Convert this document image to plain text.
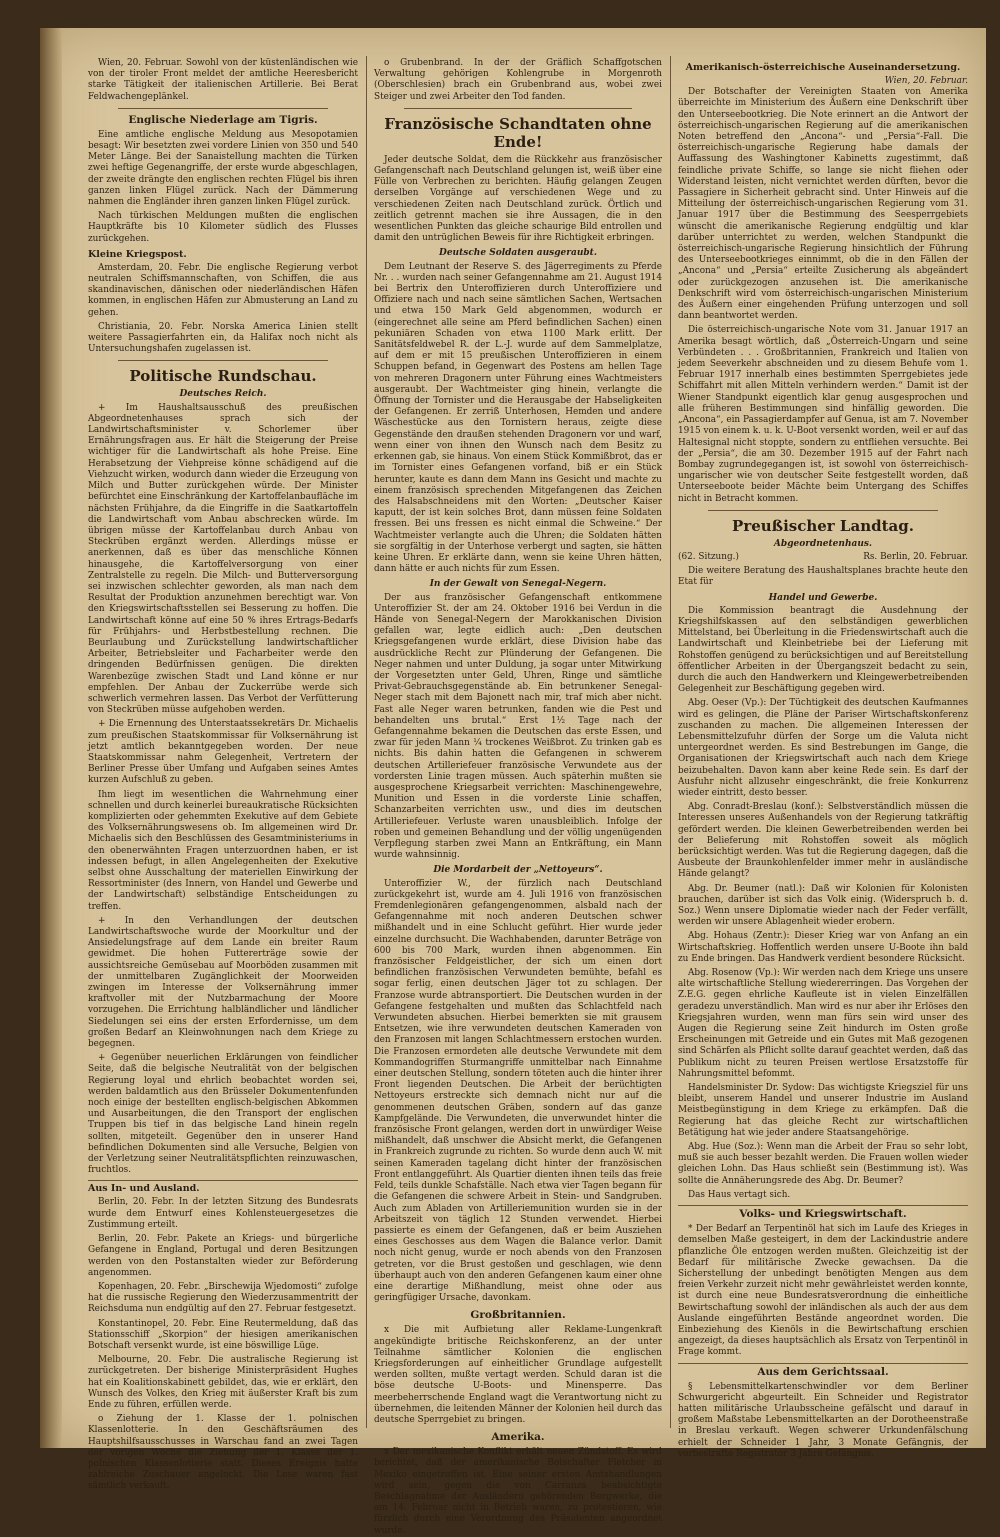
Wien, 20. Februar. Sowohl von der küstenländischen wie von der tiroler Front meldet der amtliche Heeresbericht starke Tätigkeit der italienischen Artillerie. Bei Berat Feldwachengeplänkel.

Englische Niederlage am Tigris.

Eine amtliche englische Meldung aus Mesopotamien besagt: Wir besetzten zwei vordere Linien von 350 und 540 Meter Länge. Bei der Sanaistellung machten die Türken zwei heftige Gegenangriffe, der erste wurde abgeschlagen, der zweite drängte den englischen rechten Flügel bis ihren ganzen linken Flügel zurück. Nach der Dämmerung nahmen die Engländer ihren ganzen linken Flügel zurück.

Nach türkischen Meldungen mußten die englischen Hauptkräfte bis 10 Kilometer südlich des Flusses zurückgehen.

Kleine Kriegspost.

Amsterdam, 20. Febr. Die englische Regierung verbot neutralen Schiffsmannschaften, von Schiffen, die aus skandinavischen, dänischen oder niederländischen Häfen kommen, in englischen Häfen zur Abmusterung an Land zu gehen.

Christiania, 20. Febr. Norska America Linien stellt weitere Passagierfahrten ein, da Halifax noch nicht als Untersuchungshafen zugelassen ist.

Politische Rundschau.
Deutsches Reich.

+ Im Haushaltsausschuß des preußischen Abgeordnetenhauses sprach sich der Landwirtschaftsminister v. Schorlemer über Ernährungsfragen aus. Er hält die Steigerung der Preise wichtiger für die Landwirtschaft als hohe Preise. Eine Herabsetzung der Viehpreise könne schädigend auf die Viehzucht wirken, wodurch dann wieder die Erzeugung von Milch und Butter zurückgehen würde. Der Minister befürchtet eine Einschränkung der Kartoffelanbaufläche im nächsten Frühjahre, da die Eingriffe in die Saatkartoffeln die Landwirtschaft vom Anbau abschrecken würde. Im übrigen müsse der Kartoffelanbau durch Anbau von Steckrüben ergänzt werden. Allerdings müsse er anerkennen, daß es über das menschliche Können hinausgehe, die Kartoffelversorgung von einer Zentralstelle zu regeln. Die Milch- und Butterversorgung sei inzwischen schlechter geworden, als man nach dem Resultat der Produktion anzunehmen berechtigt war. Von den Kriegswirtschaftsstellen sei Besserung zu hoffen. Die Landwirtschaft könne auf eine 50 % ihres Ertrags-Bedarfs für Frühjahrs- und Herbstbestellung rechnen. Die Beurlaubung und Zurückstellung landwirtschaftlicher Arbeiter, Betriebsleiter und Facharbeiter werde den dringenden Bedürfnissen genügen. Die direkten Warenbezüge zwischen Stadt und Land könne er nur empfehlen. Der Anbau der Zuckerrübe werde sich schwerlich vermehren lassen. Das Verbot der Verfütterung von Steckrüben müsse aufgehoben werden.

+ Die Ernennung des Unterstaatssekretärs Dr. Michaelis zum preußischen Staatskommissar für Volksernährung ist jetzt amtlich bekanntgegeben worden. Der neue Staatskommissar nahm Gelegenheit, Vertretern der Berliner Presse über Umfang und Aufgaben seines Amtes kurzen Aufschluß zu geben.

Ihm liegt im wesentlichen die Wahrnehmung einer schnellen und durch keinerlei bureaukratische Rücksichten komplizierten oder gehemmten Exekutive auf dem Gebiete des Volksernährungswesens ob. Im allgemeinen wird Dr. Michaelis sich den Beschlüssen des Gesamtministeriums in den obenerwähnten Fragen unterzuordnen haben, er ist indessen befugt, in allen Angelegenheiten der Exekutive selbst ohne Ausschaltung der materiellen Einwirkung der Ressortminister (des Innern, von Handel und Gewerbe und der Landwirtschaft) selbständige Entscheidungen zu treffen.

+ In den Verhandlungen der deutschen Landwirtschaftswoche wurde der Moorkultur und der Ansiedelungsfrage auf dem Lande ein breiter Raum gewidmet. Die hohen Futtererträge sowie der aussichtsreiche Gemüsebau auf Moorböden zusammen mit der unmittelbaren Zugänglichkeit der Moorweiden zwingen im Interesse der Volksernährung immer kraftvoller mit der Nutzbarmachung der Moore vorzugehen. Die Errichtung halbländlicher und ländlicher Siedelungen sei eins der ersten Erfordernisse, um dem großen Bedarf an Kleinwohnungen nach dem Kriege zu begegnen.

+ Gegenüber neuerlichen Erklärungen von feindlicher Seite, daß die belgische Neutralität von der belgischen Regierung loyal und ehrlich beobachtet worden sei, werden baldamtlich aus den Brüsseler Dokumentenfunden noch einige der bestellten englisch-belgischen Abkommen und Ausarbeitungen, die den Transport der englischen Truppen bis tief in das belgische Land hinein regeln sollten, mitgeteilt. Gegenüber den in unserer Hand befindlichen Dokumenten sind alle Versuche, Belgien von der Verletzung seiner Neutralitätspflichten reinzuwaschen, fruchtlos.

Aus In- und Ausland.

Berlin, 20. Febr. In der letzten Sitzung des Bundesrats wurde dem Entwurf eines Kohlensteuergesetzes die Zustimmung erteilt.

Berlin, 20. Febr. Pakete an Kriegs- und bürgerliche Gefangene in England, Portugal und deren Besitzungen werden von den Postanstalten wieder zur Beförderung angenommen.

Kopenhagen, 20. Febr. „Birschewija Wjedomosti“ zufolge hat die russische Regierung den Wiederzusammentritt der Reichsduma nun endgültig auf den 27. Februar festgesetzt.

Konstantinopel, 20. Febr. Eine Reutermeldung, daß das Stationsschiff „Skorpion“ der hiesigen amerikanischen Botschaft versenkt wurde, ist eine böswillige Lüge.

Melbourne, 20. Febr. Die australische Regierung ist zurückgetreten. Der bisherige Ministerpräsident Hughes hat ein Koalitionskabinett gebildet, das, wie er erklärt, den Wunsch des Volkes, den Krieg mit äußerster Kraft bis zum Ende zu führen, erfüllen werde.

o Ziehung der 1. Klasse der 1. polnischen Klassenlotterie. In den Geschäftsräumen des Hauptshilfsausschusses in Warschau fand an zwei Tagen der vorigen Woche die Ziehung der 1. Klasse der 1. polnischen Klassenlotterie statt. Dieses Ereignis hatte zahlreiche Zuschauer angelockt. Die Lose waren fast sämtlich verkauft.

o Grubenbrand. In der der Gräflich Schaffgotschen Verwaltung gehörigen Kohlengrube in Morgenroth (Oberschlesien) brach ein Grubenbrand aus, wobei zwei Steiger und zwei Arbeiter den Tod fanden.

Französische Schandtaten ohne Ende!

Jeder deutsche Soldat, dem die Rückkehr aus französischer Gefangenschaft nach Deutschland gelungen ist, weiß über eine Fülle von Verbrechen zu berichten. Häufig gelangen Zeugen derselben Vorgänge auf verschiedenen Wege und zu verschiedenen Zeiten nach Deutschland zurück. Örtlich und zeitlich getrennt machen sie ihre Aussagen, die in den wesentlichen Punkten das gleiche schaurige Bild entrollen und damit den untrüglichen Beweis für ihre Richtigkeit erbringen.

Deutsche Soldaten ausgeraubt.

Dem Leutnant der Reserve S. des Jägerregiments zu Pferde Nr. . . wurden nach seiner Gefangennahme am 21. August 1914 bei Bertrix den Unteroffizieren durch Unteroffiziere und Offiziere nach und nach seine sämtlichen Sachen, Wertsachen und etwa 150 Mark Geld abgenommen, wodurch er (eingerechnet alle seine am Pferd befindlichen Sachen) einen pekuniären Schaden von etwa 1100 Mark erlitt. Der Sanitätsfeldwebel R. der L.-J. wurde auf dem Sammelplatze, auf dem er mit 15 preußischen Unteroffizieren in einem Schuppen befand, in Gegenwart des Postens am hellen Tage von mehreren Dragonern unter Führung eines Wachtmeisters ausgeraubt. Der Wachtmeister ging hinein, verlangte die Öffnung der Tornister und die Herausgabe der Habseligkeiten der Gefangenen. Er zerriß Unterhosen, Hemden und andere Wäschestücke aus den Tornistern heraus, zeigte diese Gegenstände den draußen stehenden Dragonern vor und warf, wenn einer von ihnen den Wunsch nach dem Besitz zu erkennen gab, sie hinaus. Von einem Stück Kommißbrot, das er im Tornister eines Gefangenen vorfand, biß er ein Stück herunter, kaute es dann dem Mann ins Gesicht und machte zu einem französisch sprechenden Mitgefangenen das Zeichen des Halsabschneidens mit den Worten: „Deutscher Kaiser kaputt, der ist kein solches Brot, dann müssen feine Soldaten fressen. Bei uns fressen es nicht einmal die Schweine.“ Der Wachtmeister verlangte auch die Uhren; die Soldaten hätten sie sorgfältig in der Unterhose verbergt und sagten, sie hätten keine Uhren. Er erklärte dann, wenn sie keine Uhren hätten, dann hätte er auch nichts für zum Essen.

In der Gewalt von Senegal-Negern.

Der aus französischer Gefangenschaft entkommene Unteroffizier St. der am 24. Oktober 1916 bei Verdun in die Hände von Senegal-Negern der Marokkanischen Division gefallen war, legte eidlich auch: „Den deutschen Kriegsgefangenen wurde erklärt, diese Division habe das ausdrückliche Recht zur Plünderung der Gefangenen. Die Neger nahmen und unter Duldung, ja sogar unter Mitwirkung der Vorgesetzten unter Geld, Uhren, Ringe und sämtliche Privat-Gebrauchsgegenstände ab. Ein betrunkener Senegal-Neger stach mit dem Bajonett nach mir, traf mich aber nicht. Fast alle Neger waren betrunken, fanden wie die Pest und behandelten uns brutal.“ Erst 1½ Tage nach der Gefangennahme bekamen die Deutschen das erste Essen, und zwar für jeden Mann ¼ trockenes Weißbrot. Zu trinken gab es nichts. Bis dahin hatten die Gefangenen in schwerem deutschen Artilleriefeuer französische Verwundete aus der vordersten Linie tragen müssen. Auch späterhin mußten sie ausgesprochene Kriegsarbeit verrichten: Maschinengewehre, Munition und Essen in die vorderste Linie schaffen, Schanzarbeiten verrichten usw., und dies im deutschen Artilleriefeuer. Verluste waren unausbleiblich. Infolge der roben und gemeinen Behandlung und der völlig ungenügenden Verpflegung starben zwei Mann an Entkräftung, ein Mann wurde wahnsinnig.

Die Mordarbeit der „Nettoyeurs“.

Unteroffizier W., der fürzlich nach Deutschland zurückgekehrt ist, wurde am 4. Juli 1916 von französischen Fremdenlegionären gefangengenommen, alsbald nach der Gefangennahme mit noch anderen Deutschen schwer mißhandelt und in eine Schlucht geführt. Hier wurde jeder einzelne durchsucht. Die Wachhabenden, darunter Beträge von 600 bis 700 Mark, wurden ihnen abgenommen. Ein französischer Feldgeistlicher, der sich um einen dort befindlichen französischen Verwundeten bemühte, befahl es sogar ferlig, einen deutschen Jäger tot zu schlagen. Der Franzose wurde abtransportiert. Die Deutschen wurden in der Gefangene festgehalten und mußten das Schlachtfeld nach Verwundeten absuchen. Hierbei bemerkten sie mit grausem Entsetzen, wie ihre verwundeten deutschen Kameraden von den Franzosen mit langen Schlachtmessern erstochen wurden. Die Franzosen ermordeten alle deutsche Verwundete mit dem Kommandogriffen Sturmangriffe unmittelbar nach Einnahme einer deutschen Stellung, sondern töteten auch die hinter ihrer Front liegenden Deutschen. Die Arbeit der berüchtigten Nettoyeurs erstreckte sich demnach nicht nur auf die genommenen deutschen Gräben, sondern auf das ganze Kampfgelände. Die Verwundeten, die unverwundet hinter die französische Front gelangen, werden dort in unwürdiger Weise mißhandelt, daß unschwer die Absicht merkt, die Gefangenen in Frankreich zugrunde zu richten. So wurde denn auch W. mit seinen Kameraden tagelang dicht hinter der französischen Front entlanggeführt. Als Quartier dienten ihnen teils das freie Feld, teils dunkle Schafställe. Nach etwa vier Tagen begann für die Gefangenen die schwere Arbeit in Stein- und Sandgruben. Auch zum Abladen von Artilleriemunition wurden sie in der Arbeitszeit von täglich 12 Stunden verwendet. Hierbei passierte es einem der Gefangenen, daß er beim Ausziehen eines Geschosses aus dem Wagen die Balance verlor. Damit noch nicht genug, wurde er noch abends von den Franzosen getreten, vor die Brust gestoßen und geschlagen, wie denn überhaupt auch von den anderen Gefangenen kaum einer ohne eine derartige Mißhandlung, meist ohne oder aus geringfügiger Ursache, davonkam.

Großbritannien.

x Die mit Aufbietung aller Reklame-Lungenkraft angekündigte britische Reichskonferenz, an der unter Teilnahme sämtlicher Kolonien die englischen Kriegsforderungen auf einheitlicher Grundlage aufgestellt werden sollten, mußte vertagt werden. Schuld daran ist die böse deutsche U-Boots- und Minensperre. Das meerbeherrschende England wagt die Verantwortung nicht zu übernehmen, die leitenden Männer der Kolonien heil durch das deutsche Sperrgebiet zu bringen.

Amerika.

x Der mexikanische Konflikt erhält neuen Zündstoff. Es wird berichtet, daß der amerikanische Botschafter Fletcher in Mexiko eingetroffen ist. Eine seiner ersten Amtshandlungen wird sein, gegen die von Carranza beabsichtigte Beschlagnahme der Ausländern gehörenden Bergwerke, die am 14. Februar nicht in Betrieb waren, zu protestieren, wie fürzlich durch eine Verordnung des Präsidenten angeordnet wurde.

Amerikanisch-österreichische Auseinandersetzung.
Wien, 20. Februar.

Der Botschafter der Vereinigten Staaten von Amerika überreichte im Ministerium des Äußern eine Denkschrift über den Unterseebootkrieg. Die Note erinnert an die Antwort der österreichisch-ungarischen Regierung auf die amerikanischen Noten betreffend den „Ancona“- und „Persia“-Fall. Die österreichisch-ungarische Regierung habe damals der Auffassung des Washingtoner Kabinetts zugestimmt, daß feindliche private Schiffe, so lange sie nicht fliehen oder Widerstand leisten, nicht vernichtet werden dürften, bevor die Passagiere in Sicherheit gebracht sind. Unter Hinweis auf die Mitteilung der österreichisch-ungarischen Regierung vom 31. Januar 1917 über die Bestimmung des Seesperrgebiets wünscht die amerikanische Regierung endgültig und klar darüber unterrichtet zu werden, welchen Standpunkt die österreichisch-ungarische Regierung hinsichtlich der Führung des Unterseebootkrieges einnimmt, ob die in den Fällen der „Ancona“ und „Persia“ erteilte Zusicherung als abgeändert oder zurückgezogen anzusehen ist. Die amerikanische Denkschrift wird vom österreichisch-ungarischen Ministerium des Äußern einer eingehenden Prüfung unterzogen und soll dann beantwortet werden.

Die österreichisch-ungarische Note vom 31. Januar 1917 an Amerika besagt wörtlich, daß „Österreich-Ungarn und seine Verbündeten . . . Großbritannien, Frankreich und Italien von jedem Seeverkehr abschneiden und zu diesem Behufe vom 1. Februar 1917 innerhalb eines bestimmten Sperrgebietes jede Schiffahrt mit allen Mitteln verhindern werden.“ Damit ist der Wiener Standpunkt eigentlich klar genug ausgesprochen und alle früheren Bestimmungen sind hinfällig geworden. Die „Ancona“, ein Passagierdampfer auf Genua, ist am 7. November 1915 von einem k. u. k. U-Boot versenkt worden, weil er auf das Haltesignal nicht stoppte, sondern zu entfliehen versuchte. Bei der „Persia“, die am 30. Dezember 1915 auf der Fahrt nach Bombay zugrundegegangen ist, ist sowohl von österreichisch-ungarischer wie von deutscher Seite festgestellt worden, daß Unterseeboote beider Mächte beim Untergang des Schiffes nicht in Betracht kommen.

Preußischer Landtag.
Abgeordnetenhaus.

(62. Sitzung.)	Rs. Berlin, 20. Februar.

Die weitere Beratung des Haushaltsplanes brachte heute den Etat für

Handel und Gewerbe.

Die Kommission beantragt die Ausdehnung der Kriegshilfskassen auf den selbständigen gewerblichen Mittelstand, bei Überleitung in die Friedenswirtschaft auch die Landwirtschaft und Kleinbetriebe bei der Lieferung mit Rohstoffen genügend zu berücksichtigen und auf Bereitstellung öffentlicher Arbeiten in der Übergangszeit bedacht zu sein, durch die auch den Handwerkern und Kleingewerbetreibenden Gelegenheit zur Beschäftigung gegeben wird.

Abg. Oeser (Vp.): Der Tüchtigkeit des deutschen Kaufmannes wird es gelingen, die Pläne der Pariser Wirtschaftskonferenz zuschanden zu machen. Die allgemeinen Interessen der Lebensmittelzufuhr dürfen der Sorge um die Valuta nicht untergeordnet werden. Es sind Bestrebungen im Gange, die Organisationen der Kriegswirtschaft auch nach dem Kriege beizubehalten. Davon kann aber keine Rede sein. Es darf der Ausfuhr nicht allzusehr eingeschränkt, die freie Konkurrenz wieder eintritt, desto besser.

Abg. Conradt-Breslau (konf.): Selbstverständlich müssen die Interessen unseres Außenhandels von der Regierung tatkräftig gefördert werden. Die kleinen Gewerbetreibenden werden bei der Belieferung mit Rohstoffen soweit als möglich berücksichtigt werden. Was tut die Regierung dagegen, daß die Ausbeute der Braunkohlenfelder immer mehr in ausländische Hände gelangt?

Abg. Dr. Beumer (natl.): Daß wir Kolonien für Kolonisten brauchen, darüber ist sich das Volk einig. (Widerspruch b. d. Soz.) Wenn unsere Diplomatie wieder nach der Feder verfällt, werden wir unsere Ablagenheit wieder erobern.

Abg. Hohaus (Zentr.): Dieser Krieg war von Anfang an ein Wirtschaftskrieg. Hoffentlich werden unsere U-Boote ihn bald zu Ende bringen. Das Handwerk verdient besondere Rücksicht.

Abg. Rosenow (Vp.): Wir werden nach dem Kriege uns unsere alte wirtschaftliche Stellung wiedererringen. Das Vorgehen der Z.E.G. gegen ehrliche Kaufleute ist in vielen Einzelfällen geradezu unverständlich. Man wird es nur aber ihr Erlöses den Kriegsjahren wurden, wenn man fürs sein wird unser des Augen die Regierung seine Zeit hindurch im Osten große Erscheinungen mit Getreide und ein Gutes mit Maß gezogenen sind Schärfen als Pflicht sollte darauf geachtet werden, daß das Publikum nicht zu teuren Preisen wertlose Ersatzstoffe für Nahrungsmittel befommt.

Handelsminister Dr. Sydow: Das wichtigste Kriegsziel für uns bleibt, unserem Handel und unserer Industrie im Ausland Meistbegünstigung in dem Kriege zu erkämpfen. Daß die Regierung hat das gleiche Recht zur wirtschaftlichen Betätigung hat wie jeder andere Staatsangehörige.

Abg. Hue (Soz.): Wenn man die Arbeit der Frau so sehr lobt, muß sie auch besser bezahlt werden. Die Frauen wollen wieder gleichen Lohn. Das Haus schließt sein (Bestimmung ist). Was sollte die Annäherungsrede des Abg. Dr. Beumer?

Das Haus vertagt sich.

Volks- und Kriegswirtschaft.

* Der Bedarf an Terpentinöl hat sich im Laufe des Krieges in demselben Maße gesteigert, in dem der Lackindustrie andere pflanzliche Öle entzogen werden mußten. Gleichzeitig ist der Bedarf für militärische Zwecke gewachsen. Da die Sicherstellung der unbedingt benötigten Mengen aus dem freien Verkehr zurzeit nicht mehr gewährleistet werden konnte, ist durch eine neue Bundesratsverordnung die einheitliche Bewirtschaftung sowohl der inländischen als auch der aus dem Auslande eingeführten Bestände angeordnet worden. Die Einbeziehung des Kienöls in die Bewirtschaftung erschien angezeigt, da dieses hauptsächlich als Ersatz von Terpentinöl in Frage kommt.

Aus dem Gerichtssaal.

§ Lebensmittelkartenschwindler vor dem Berliner Schwurgericht abgeurteilt. Ein Schneider und Registrator hatten militärische Urlaubsscheine gefälscht und darauf in großem Maßstabe Lebensmittelkarten an der Dorotheenstraße in Breslau verkauft. Wegen schwerer Urkundenfälschung erhielt der Schneider 1 Jahr, 3 Monate Gefängnis, der vorbestrafte Registrator 3 Jahre Gefängnis.
